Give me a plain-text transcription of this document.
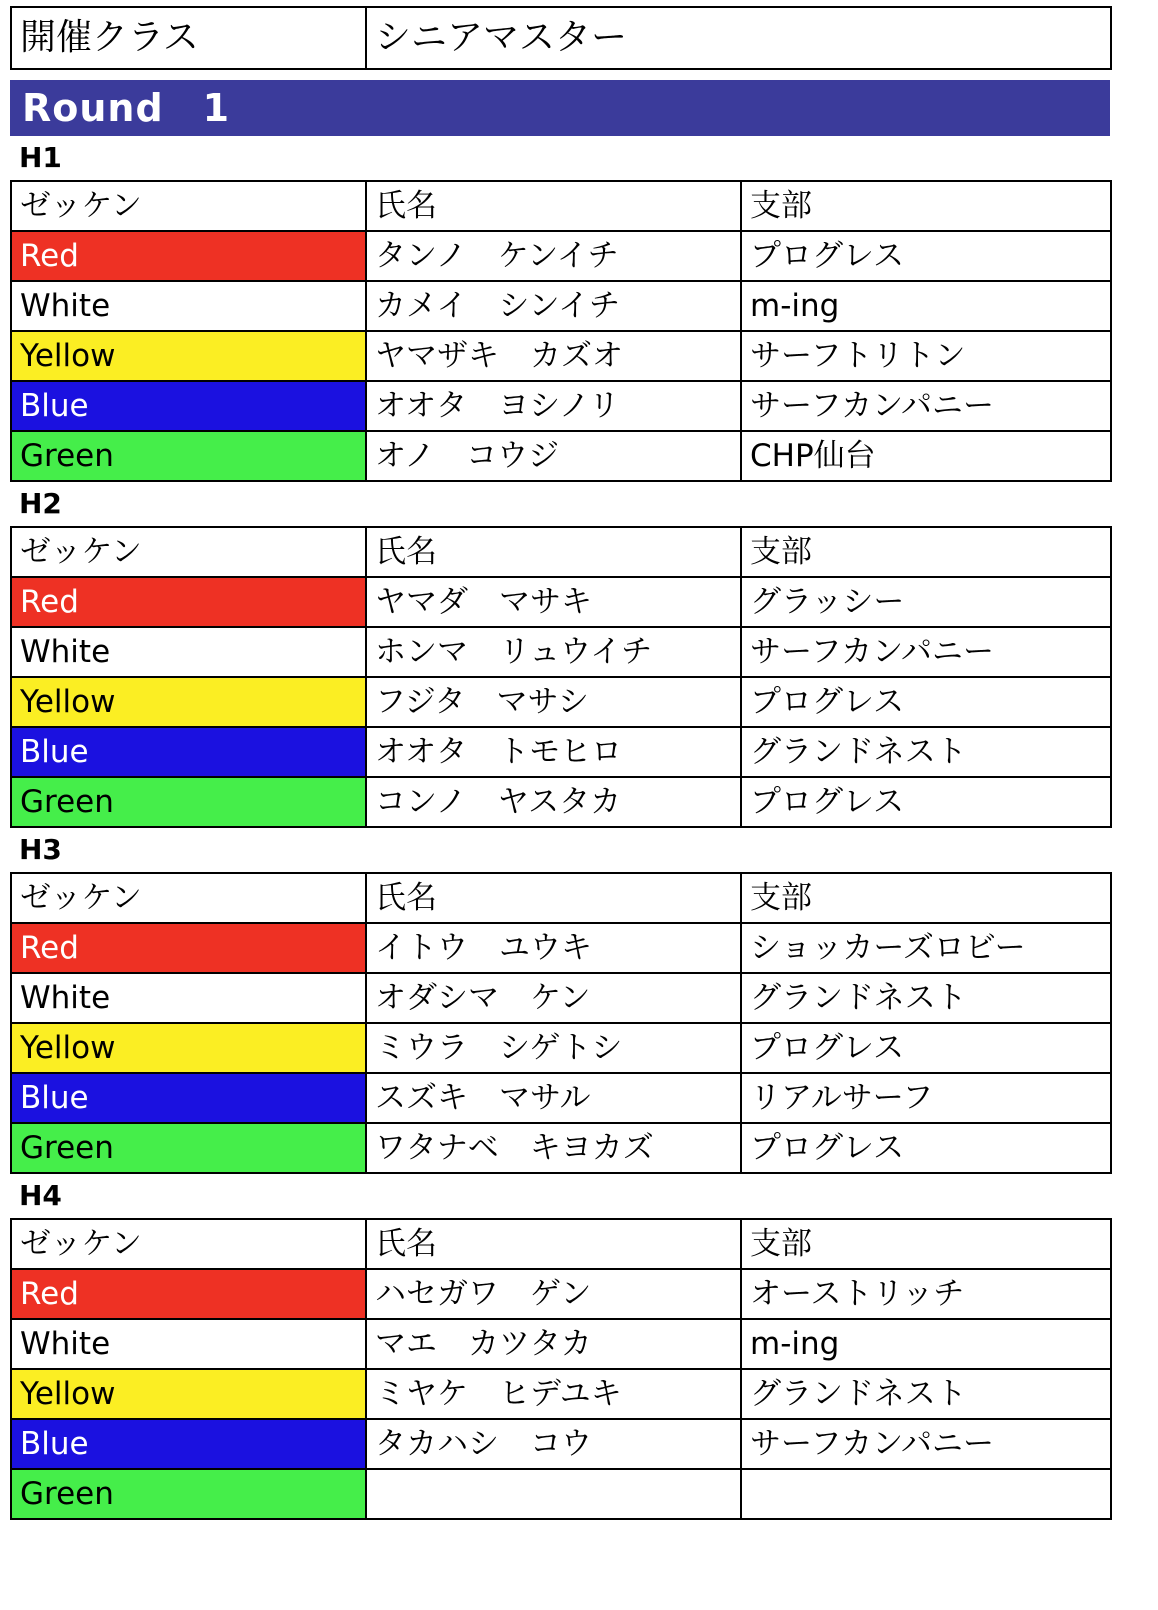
開催クラス	シニアマスター

Round　1
H1		
ゼッケン	氏名	支部
Red	タンノ　ケンイチ	プログレス
White	カメイ　シンイチ	m-ing
Yellow	ヤマザキ　カズオ	サーフトリトン
Blue	オオタ　ヨシノリ	サーフカンパニー
Green	オノ　コウジ	CHP仙台
H2		
ゼッケン	氏名	支部
Red	ヤマダ　マサキ	グラッシー
White	ホンマ　リュウイチ	サーフカンパニー
Yellow	フジタ　マサシ	プログレス
Blue	オオタ　トモヒロ	グランドネスト
Green	コンノ　ヤスタカ	プログレス
H3		
ゼッケン	氏名	支部
Red	イトウ　ユウキ	ショッカーズロビー
White	オダシマ　ケン	グランドネスト
Yellow	ミウラ　シゲトシ	プログレス
Blue	スズキ　マサル	リアルサーフ
Green	ワタナベ　キヨカズ	プログレス
H4		
ゼッケン	氏名	支部
Red	ハセガワ　ゲン	オーストリッチ
White	マエ　カツタカ	m-ing
Yellow	ミヤケ　ヒデユキ	グランドネスト
Blue	タカハシ　コウ	サーフカンパニー
Green		
